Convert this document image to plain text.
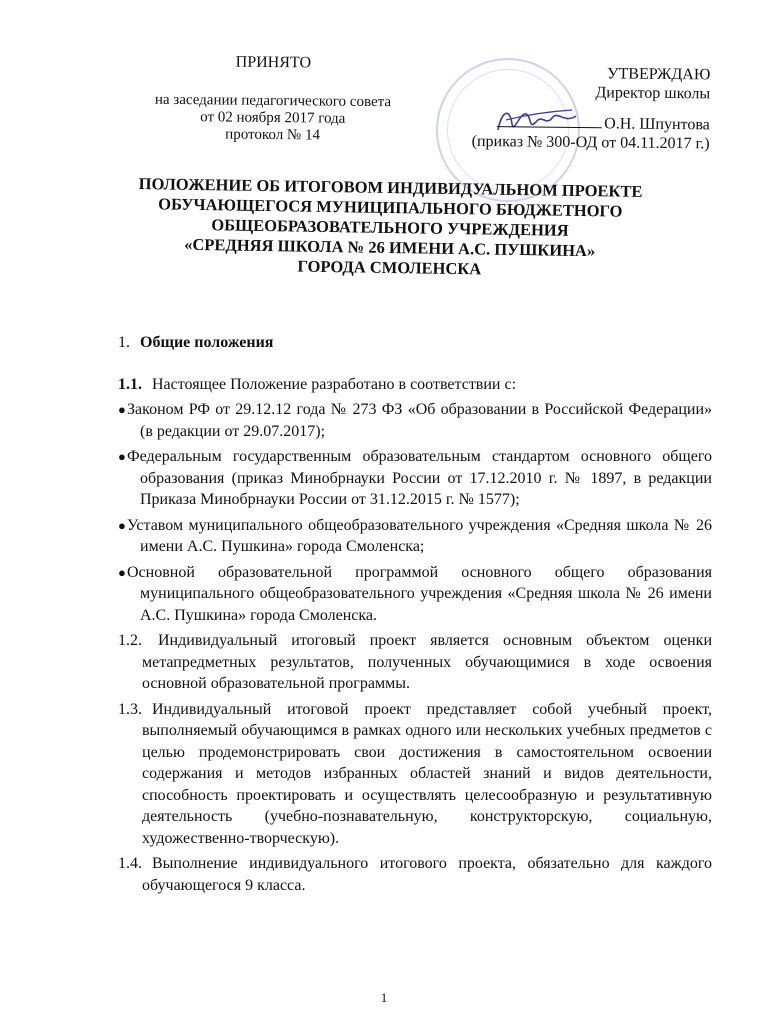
ПРИНЯТО
на заседании педагогического совета
от 02 ноября 2017 года
протокол № 14
УТВЕРЖДАЮ
Директор школы
О.Н. Шпунтова
(приказ № 300-ОД от 04.11.2017 г.)
ПОЛОЖЕНИЕ ОБ ИТОГОВОМ ИНДИВИДУАЛЬНОМ ПРОЕКТЕ
ОБУЧАЮЩЕГОСЯ МУНИЦИПАЛЬНОГО БЮДЖЕТНОГО
ОБЩЕОБРАЗОВАТЕЛЬНОГО УЧРЕЖДЕНИЯ
«СРЕДНЯЯ ШКОЛА № 26 ИМЕНИ А.С. ПУШКИНА»
ГОРОДА СМОЛЕНСКА
1. Общие положения
1.1. Настоящее Положение разработано в соответствии с:
●Законом РФ от 29.12.12 года № 273 ФЗ «Об образовании в Российской Федерации» (в редакции от 29.07.2017);
●Федеральным государственным образовательным стандартом основного общего образования (приказ Минобрнауки России от 17.12.2010 г. № 1897, в редакции Приказа Минобрнауки России от 31.12.2015 г. № 1577);
●Уставом муниципального общеобразовательного учреждения «Средняя школа № 26 имени А.С. Пушкина» города Смоленска;
●Основной образовательной программой основного общего образования муниципального общеобразовательного учреждения «Средняя школа № 26 имени А.С. Пушкина» города Смоленска.
1.2. Индивидуальный итоговый проект является основным объектом оценки метапредметных результатов, полученных обучающимися в ходе освоения основной образовательной программы.
1.3. Индивидуальный итоговой проект представляет собой учебный проект, выполняемый обучающимся в рамках одного или нескольких учебных предметов с целью продемонстрировать свои достижения в самостоятельном освоении содержания и методов избранных областей знаний и видов деятельности, способность проектировать и осуществлять целесообразную и результативную деятельность (учебно-познавательную, конструкторскую, социальную, художественно-творческую).
1.4. Выполнение индивидуального итогового проекта, обязательно для каждого обучающегося 9 класса.
1
